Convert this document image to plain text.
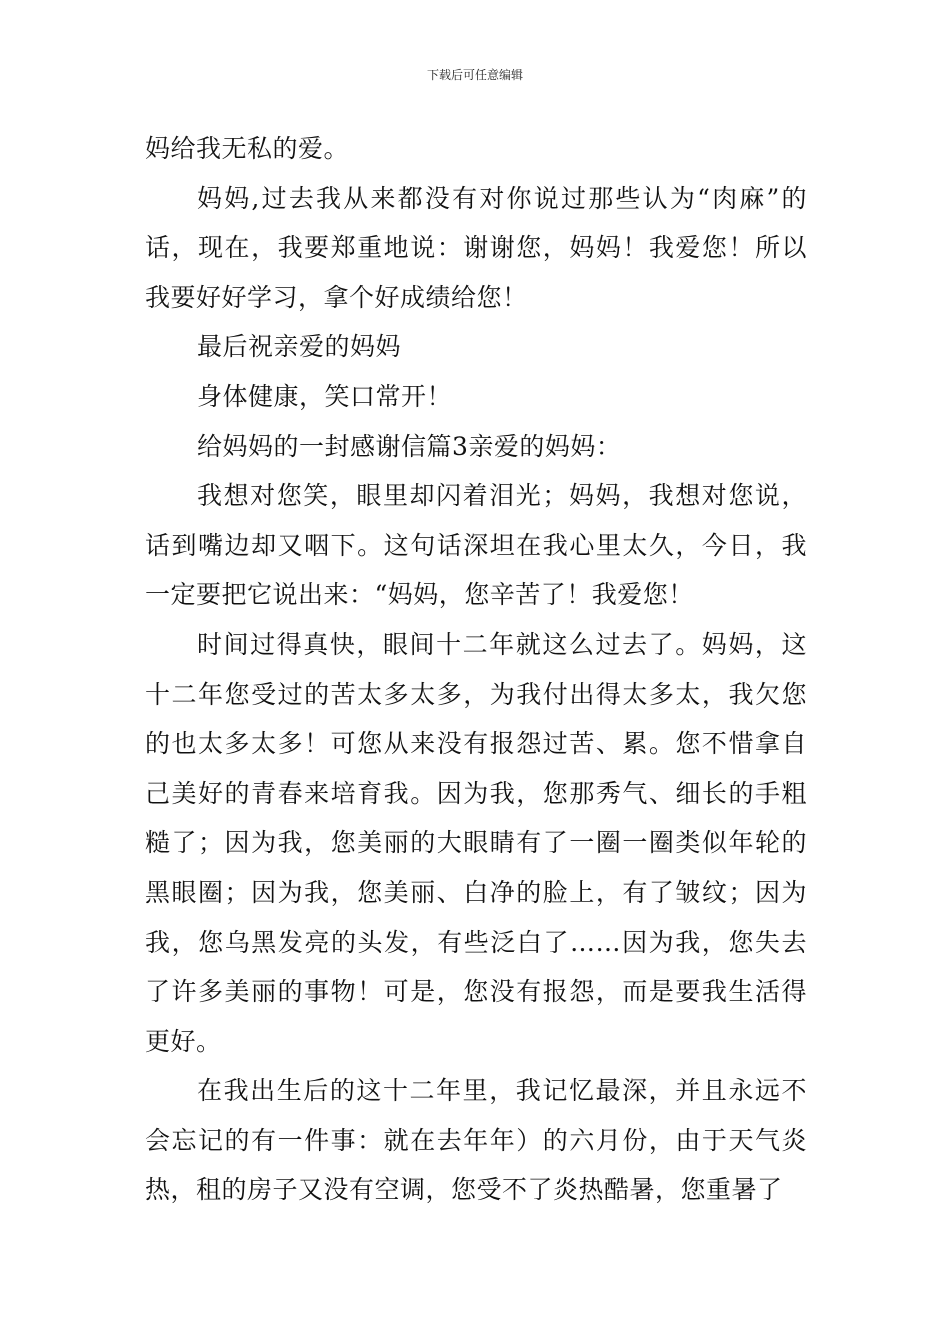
下载后可任意编辑

妈给我无私的爱。

妈妈,过去我从来都没有对你说过那些认为“肉麻”的话，现在，我要郑重地说：谢谢您，妈妈！我爱您！所以我要好好学习，拿个好成绩给您！

最后祝亲爱的妈妈

身体健康，笑口常开！

给妈妈的一封感谢信篇3亲爱的妈妈：

我想对您笑，眼里却闪着泪光；妈妈，我想对您说，话到嘴边却又咽下。这句话深坦在我心里太久，今日，我一定要把它说出来：“妈妈，您辛苦了！我爱您！

时间过得真快，眼间十二年就这么过去了。妈妈，这十二年您受过的苦太多太多，为我付出得太多太，我欠您的也太多太多！可您从来没有报怨过苦、累。您不惜拿自己美好的青春来培育我。因为我，您那秀气、细长的手粗糙了；因为我，您美丽的大眼睛有了一圈一圈类似年轮的黑眼圈；因为我，您美丽、白净的脸上，有了皱纹；因为我，您乌黑发亮的头发，有些泛白了……因为我，您失去了许多美丽的事物！可是，您没有报怨，而是要我生活得更好。

在我出生后的这十二年里，我记忆最深，并且永远不会忘记的有一件事：就在去年年）的六月份，由于天气炎热，租的房子又没有空调，您受不了炎热酷暑，您重暑了
